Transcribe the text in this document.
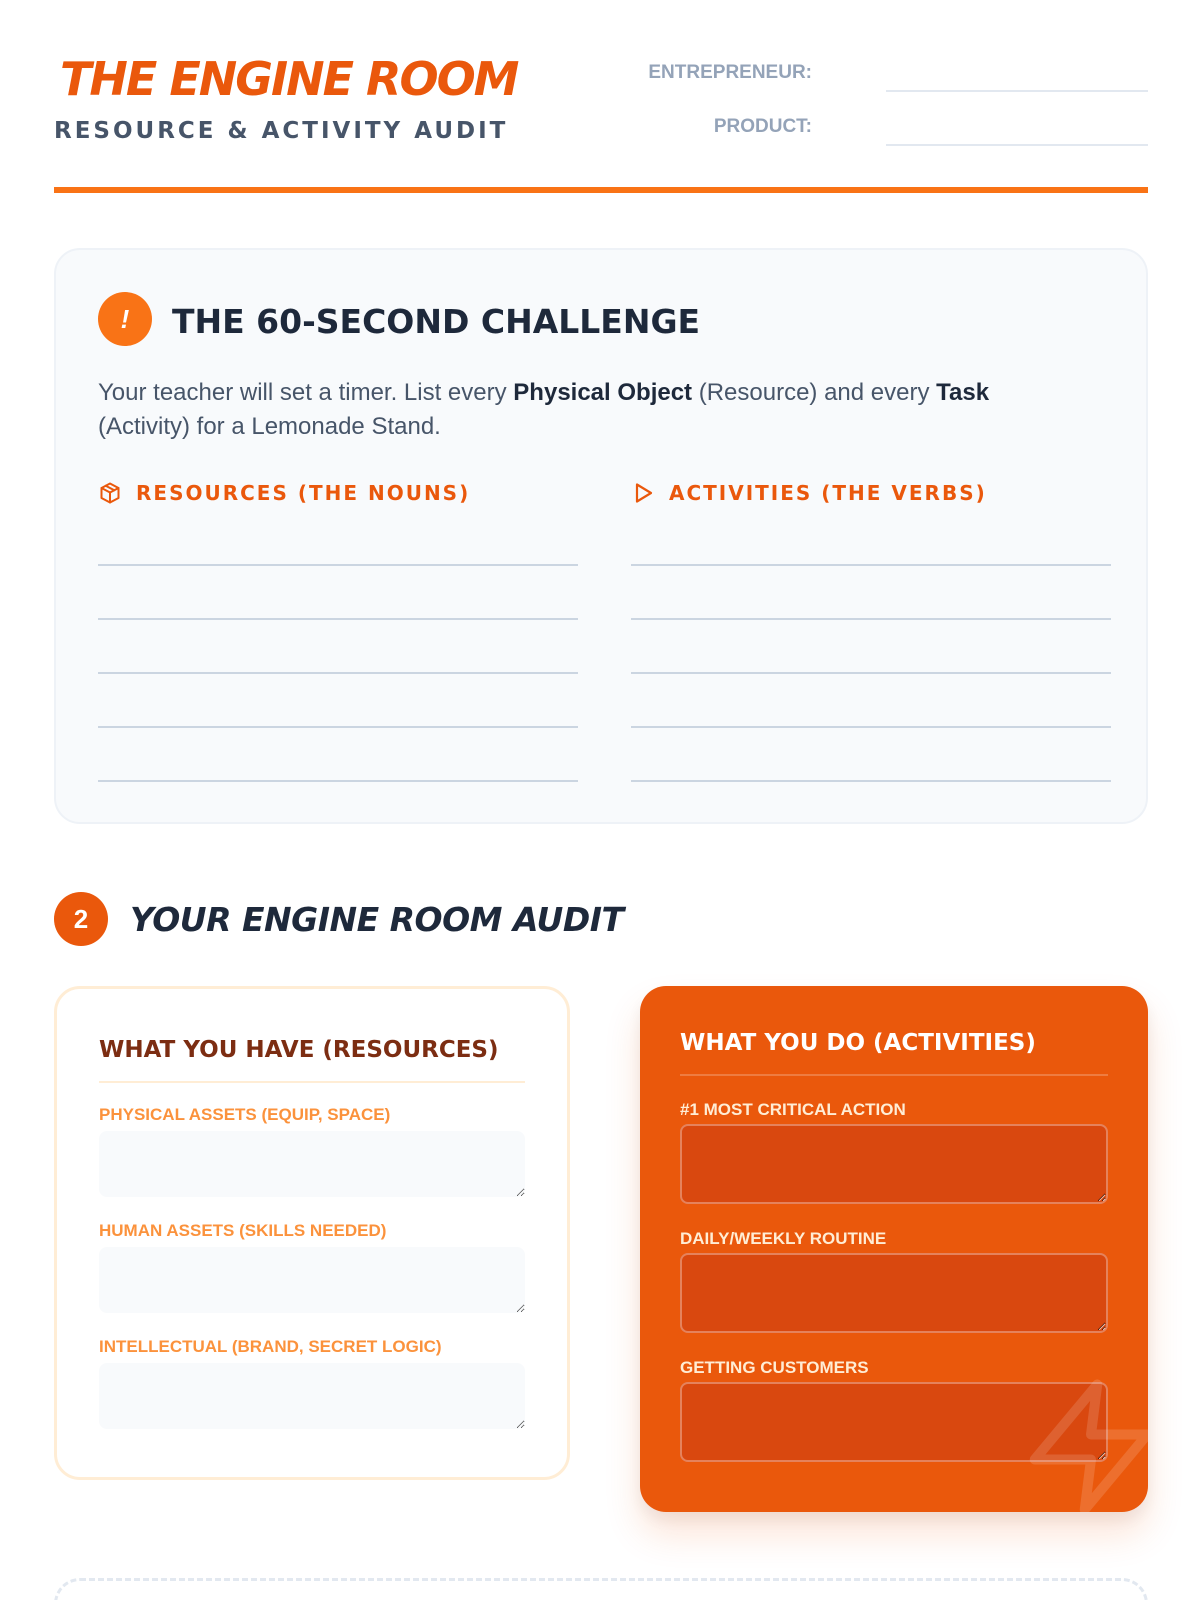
THE ENGINE ROOM
RESOURCE & ACTIVITY AUDIT
ENTREPRENEUR:
PRODUCT:
!	THE 60-SECOND CHALLENGE

Your teacher will set a timer. List every Physical Object (Resource) and every Task (Activity) for a Lemonade Stand.

RESOURCES (THE NOUNS)	ACTIVITIES (THE VERBS)
2	YOUR ENGINE ROOM AUDIT
WHAT YOU HAVE (RESOURCES)
PHYSICAL ASSETS (EQUIP, SPACE)
HUMAN ASSETS (SKILLS NEEDED)
INTELLECTUAL (BRAND, SECRET LOGIC)
WHAT YOU DO (ACTIVITIES)
#1 MOST CRITICAL ACTION
DAILY/WEEKLY ROUTINE
GETTING CUSTOMERS
